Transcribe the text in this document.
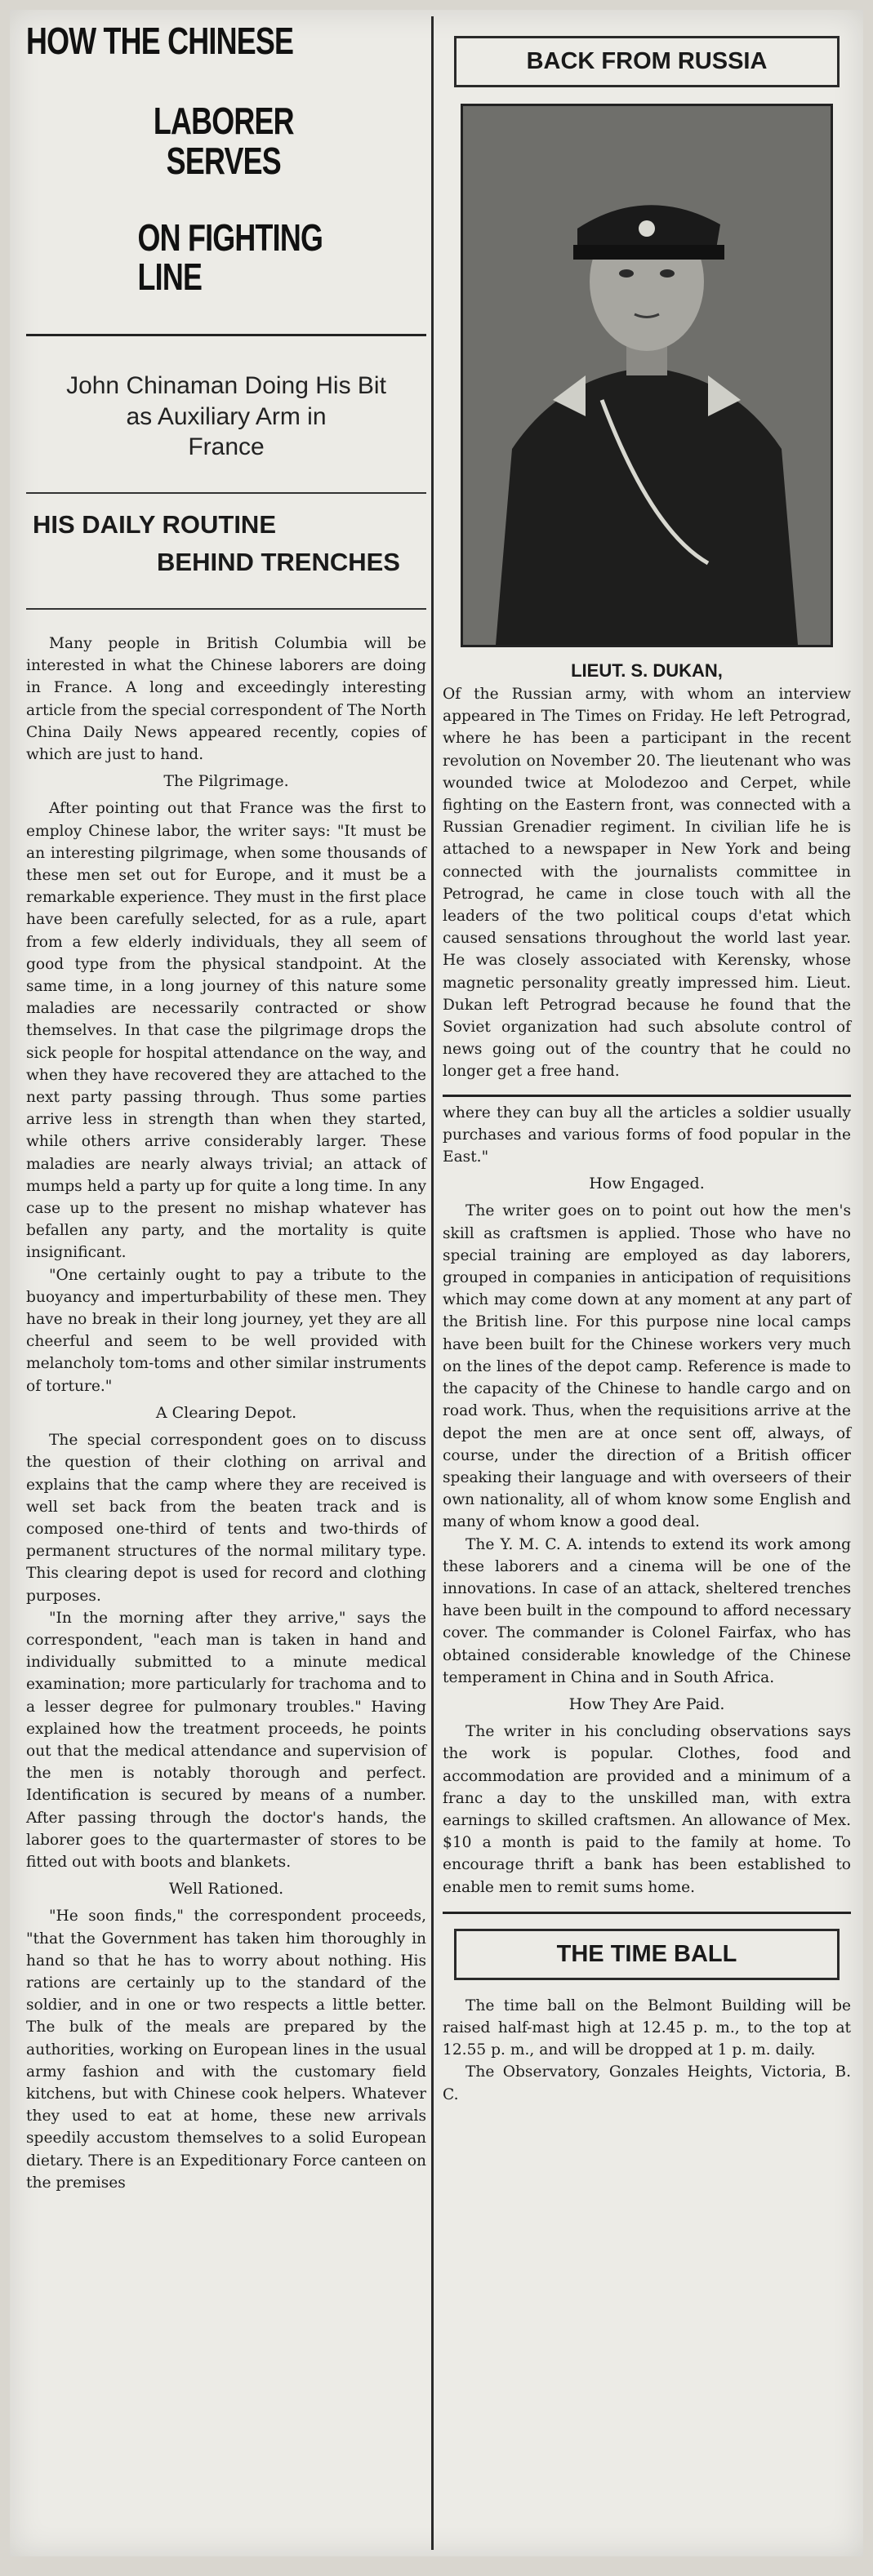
HOW THE CHINESE
LABORER SERVES
ON FIGHTING LINE
John Chinaman Doing His Bit
as Auxiliary Arm in
France
HIS DAILY ROUTINE
BEHIND TRENCHES

Many people in British Columbia will be interested in what the Chinese laborers are doing in France. A long and exceedingly interesting article from the special correspondent of The North China Daily News appeared recently, copies of which are just to hand.

The Pilgrimage.

After pointing out that France was the first to employ Chinese labor, the writer says: "It must be an interesting pilgrimage, when some thousands of these men set out for Europe, and it must be a remarkable experience. They must in the first place have been carefully selected, for as a rule, apart from a few elderly individuals, they all seem of good type from the physical standpoint. At the same time, in a long journey of this nature some maladies are necessarily contracted or show themselves. In that case the pilgrimage drops the sick people for hospital attendance on the way, and when they have recovered they are attached to the next party passing through. Thus some parties arrive less in strength than when they started, while others arrive considerably larger. These maladies are nearly always trivial; an attack of mumps held a party up for quite a long time. In any case up to the present no mishap whatever has befallen any party, and the mortality is quite insignificant.

"One certainly ought to pay a tribute to the buoyancy and imperturbability of these men. They have no break in their long journey, yet they are all cheerful and seem to be well provided with melancholy tom-toms and other similar instruments of torture."

A Clearing Depot.

The special correspondent goes on to discuss the question of their clothing on arrival and explains that the camp where they are received is well set back from the beaten track and is composed one-third of tents and two-thirds of permanent structures of the normal military type. This clearing depot is used for record and clothing purposes.

"In the morning after they arrive," says the correspondent, "each man is taken in hand and individually submitted to a minute medical examination; more particularly for trachoma and to a lesser degree for pulmonary troubles." Having explained how the treatment proceeds, he points out that the medical attendance and supervision of the men is notably thorough and perfect. Identification is secured by means of a number. After passing through the doctor's hands, the laborer goes to the quartermaster of stores to be fitted out with boots and blankets.

Well Rationed.

"He soon finds," the correspondent proceeds, "that the Government has taken him thoroughly in hand so that he has to worry about nothing. His rations are certainly up to the standard of the soldier, and in one or two respects a little better. The bulk of the meals are prepared by the authorities, working on European lines in the usual army fashion and with the customary field kitchens, but with Chinese cook helpers. Whatever they used to eat at home, these new arrivals speedily accustom themselves to a solid European dietary. There is an Expeditionary Force canteen on the premises

BACK FROM RUSSIA
LIEUT. S. DUKAN,

Of the Russian army, with whom an interview appeared in The Times on Friday. He left Petrograd, where he has been a participant in the recent revolution on November 20. The lieutenant who was wounded twice at Molodezoo and Cerpet, while fighting on the Eastern front, was connected with a Russian Grenadier regiment. In civilian life he is attached to a newspaper in New York and being connected with the journalists committee in Petrograd, he came in close touch with all the leaders of the two political coups d'etat which caused sensations throughout the world last year. He was closely associated with Kerensky, whose magnetic personality greatly impressed him. Lieut. Dukan left Petrograd because he found that the Soviet organization had such absolute control of news going out of the country that he could no longer get a free hand.

where they can buy all the articles a soldier usually purchases and various forms of food popular in the East."

How Engaged.

The writer goes on to point out how the men's skill as craftsmen is applied. Those who have no special training are employed as day laborers, grouped in companies in anticipation of requisitions which may come down at any moment at any part of the British line. For this purpose nine local camps have been built for the Chinese workers very much on the lines of the depot camp. Reference is made to the capacity of the Chinese to handle cargo and on road work. Thus, when the requisitions arrive at the depot the men are at once sent off, always, of course, under the direction of a British officer speaking their language and with overseers of their own nationality, all of whom know some English and many of whom know a good deal.

The Y. M. C. A. intends to extend its work among these laborers and a cinema will be one of the innovations. In case of an attack, sheltered trenches have been built in the compound to afford necessary cover. The commander is Colonel Fairfax, who has obtained considerable knowledge of the Chinese temperament in China and in South Africa.

How They Are Paid.

The writer in his concluding observations says the work is popular. Clothes, food and accommodation are provided and a minimum of a franc a day to the unskilled man, with extra earnings to skilled craftsmen. An allowance of Mex. $10 a month is paid to the family at home. To encourage thrift a bank has been established to enable men to remit sums home.

THE TIME BALL

The time ball on the Belmont Building will be raised half-mast high at 12.45 p. m., to the top at 12.55 p. m., and will be dropped at 1 p. m. daily.

The Observatory, Gonzales Heights, Victoria, B. C.
